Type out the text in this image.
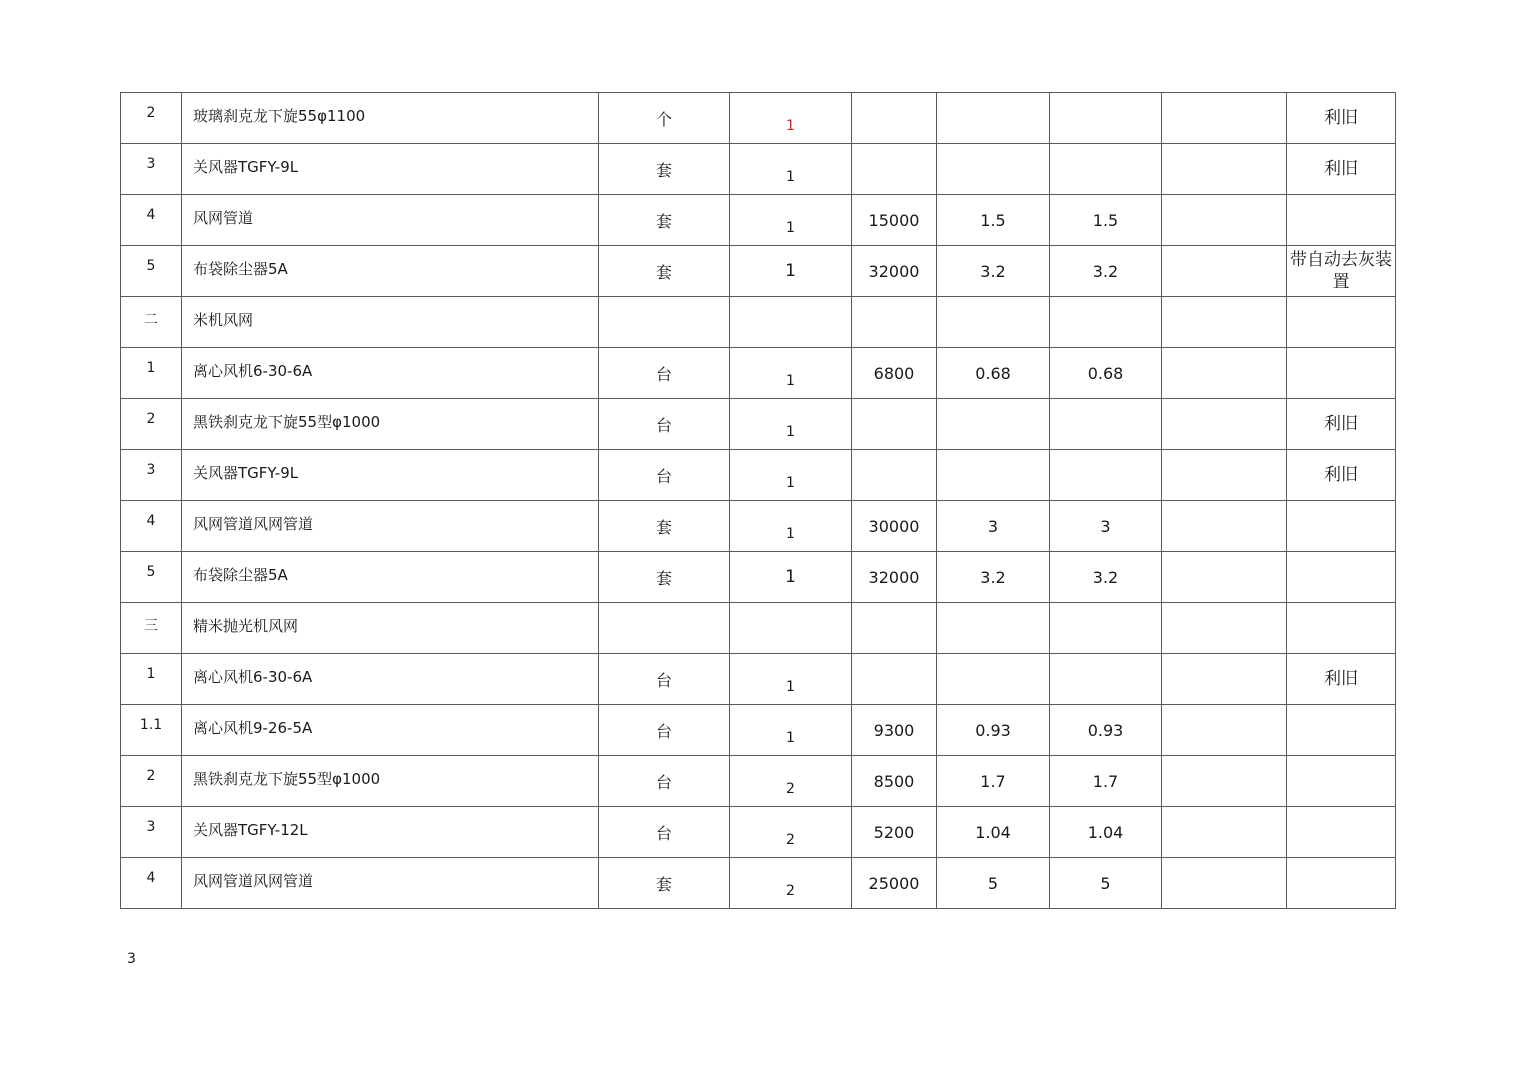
2	玻璃刹克龙下旋55φ1100	个	1					利旧
3	关风器TGFY-9L	套	1					利旧
4	风网管道	套	1	15000	1.5	1.5		
5	布袋除尘器5A	套	1	32000	3.2	3.2		带自动去灰装置
二	米机风网							
1	离心风机6-30-6A	台	1	6800	0.68	0.68		
2	黑铁刹克龙下旋55型φ1000	台	1					利旧
3	关风器TGFY-9L	台	1					利旧
4	风网管道风网管道	套	1	30000	3	3		
5	布袋除尘器5A	套	1	32000	3.2	3.2		
三	精米抛光机风网							
1	离心风机6-30-6A	台	1					利旧
1.1	离心风机9-26-5A	台	1	9300	0.93	0.93		
2	黑铁刹克龙下旋55型φ1000	台	2	8500	1.7	1.7		
3	关风器TGFY-12L	台	2	5200	1.04	1.04		
4	风网管道风网管道	套	2	25000	5	5		
3
